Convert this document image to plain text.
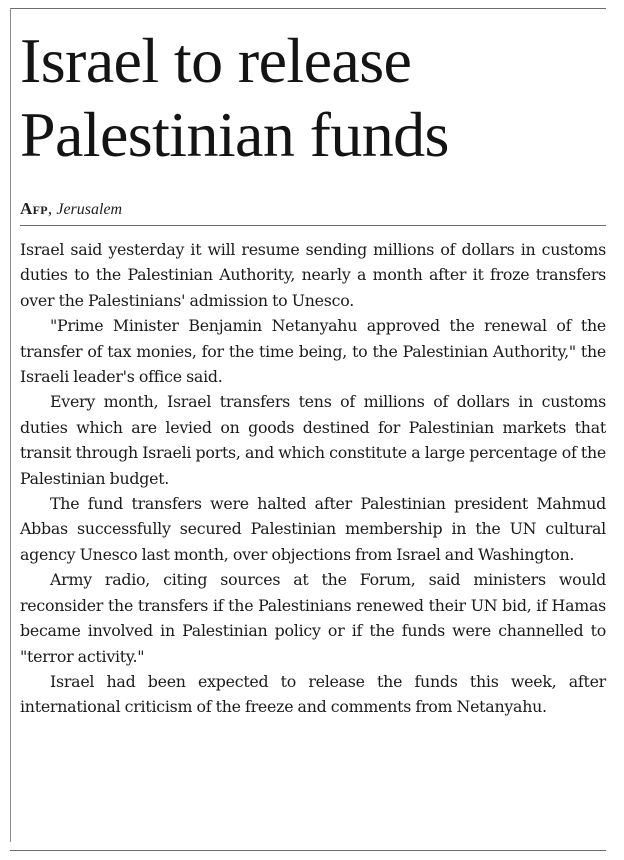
Israel to release Palestinian funds
Afp, Jerusalem

Israel said yesterday it will resume sending millions of dollars in customs duties to the Palestinian Authority, nearly a month after it froze transfers over the Palestinians' admission to Unesco.

"Prime Minister Benjamin Netanyahu approved the renewal of the transfer of tax monies, for the time being, to the Palestinian Authority," the Israeli leader's office said.

Every month, Israel transfers tens of millions of dollars in customs duties which are levied on goods destined for Palestinian markets that transit through Israeli ports, and which constitute a large percentage of the Palestinian budget.

The fund transfers were halted after Palestinian president Mahmud Abbas successfully secured Palestinian membership in the UN cultural agency Unesco last month, over objections from Israel and Washington.

Army radio, citing sources at the Forum, said ministers would reconsider the transfers if the Palestinians renewed their UN bid, if Hamas became involved in Palestinian policy or if the funds were channelled to "terror activity."

Israel had been expected to release the funds this week, after international criticism of the freeze and comments from Netanyahu.
